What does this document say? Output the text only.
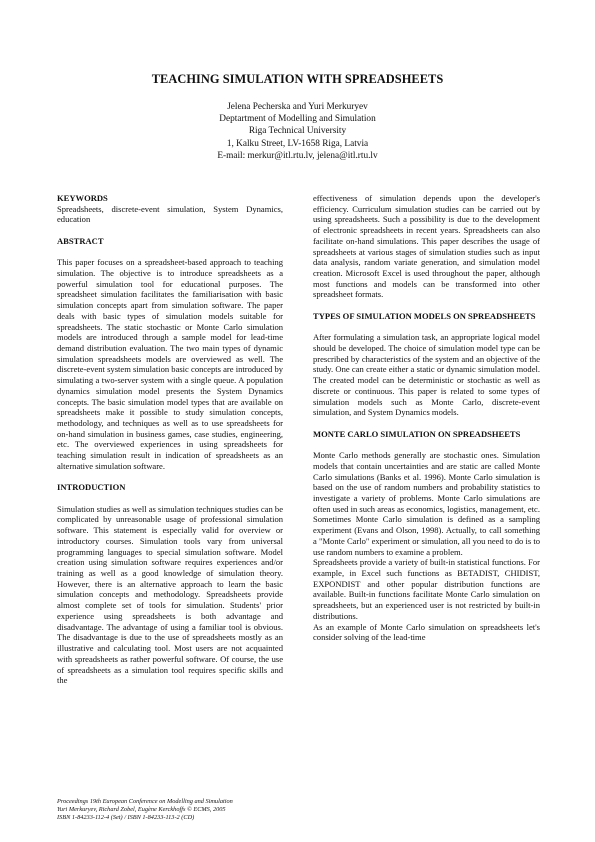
TEACHING SIMULATION WITH SPREADSHEETS
Jelena Pecherska and Yuri Merkuryev
Deptartment of Modelling and Simulation
Riga Technical University
1, Kalku Street, LV-1658 Riga, Latvia
E-mail: merkur@itl.rtu.lv, jelena@itl.rtu.lv
KEYWORDS

Spreadsheets, discrete-event simulation, System Dynamics, education

ABSTRACT

This paper focuses on a spreadsheet-based approach to teaching simulation. The objective is to introduce spreadsheets as a powerful simulation tool for educational purposes. The spreadsheet simulation facilitates the familiarisation with basic simulation concepts apart from simulation software. The paper deals with basic types of simulation models suitable for spreadsheets. The static stochastic or Monte Carlo simulation models are introduced through a sample model for lead-time demand distribution evaluation. The two main types of dynamic simulation spreadsheets models are overviewed as well. The discrete-event system simulation basic concepts are introduced by simulating a two-server system with a single queue. A population dynamics simulation model presents the System Dynamics concepts. The basic simulation model types that are available on spreadsheets make it possible to study simulation concepts, methodology, and techniques as well as to use spreadsheets for on-hand simulation in business games, case studies, engineering, etc. The overviewed experiences in using spreadsheets for teaching simulation result in indication of spreadsheets as an alternative simulation software.

INTRODUCTION

Simulation studies as well as simulation techniques studies can be complicated by unreasonable usage of professional simulation software. This statement is especially valid for overview or introductory courses. Simulation tools vary from universal programming languages to special simulation software. Model creation using simulation software requires experiences and/or training as well as a good knowledge of simulation theory. However, there is an alternative approach to learn the basic simulation concepts and methodology. Spreadsheets provide almost complete set of tools for simulation. Students' prior experience using spreadsheets is both advantage and disadvantage. The advantage of using a familiar tool is obvious. The disadvantage is due to the use of spreadsheets mostly as an illustrative and calculating tool. Most users are not acquainted with spreadsheets as rather powerful software. Of course, the use of spreadsheets as a simulation tool requires specific skills and the

effectiveness of simulation depends upon the developer's efficiency. Curriculum simulation studies can be carried out by using spreadsheets. Such a possibility is due to the development of electronic spreadsheets in recent years. Spreadsheets can also facilitate on-hand simulations. This paper describes the usage of spreadsheets at various stages of simulation studies such as input data analysis, random variate generation, and simulation model creation. Microsoft Excel is used throughout the paper, although most functions and models can be transformed into other spreadsheet formats.

TYPES OF SIMULATION MODELS ON SPREADSHEETS

After formulating a simulation task, an appropriate logical model should be developed. The choice of simulation model type can be prescribed by characteristics of the system and an objective of the study. One can create either a static or dynamic simulation model. The created model can be deterministic or stochastic as well as discrete or continuous. This paper is related to some types of simulation models such as Monte Carlo, discrete-event simulation, and System Dynamics models.

MONTE CARLO SIMULATION ON SPREADSHEETS

Monte Carlo methods generally are stochastic ones. Simulation models that contain uncertainties and are static are called Monte Carlo simulations (Banks et al. 1996). Monte Carlo simulation is based on the use of random numbers and probability statistics to investigate a variety of problems. Monte Carlo simulations are often used in such areas as economics, logistics, management, etc. Sometimes Monte Carlo simulation is defined as a sampling experiment (Evans and Olson, 1998). Actually, to call something a "Monte Carlo" experiment or simulation, all you need to do is to use random numbers to examine a problem.

Spreadsheets provide a variety of built-in statistical functions. For example, in Excel such functions as BETADIST, CHIDIST, EXPONDIST and other popular distribution functions are available. Built-in functions facilitate Monte Carlo simulation on spreadsheets, but an experienced user is not restricted by built-in distributions.

As an example of Monte Carlo simulation on spreadsheets let's consider solving of the lead-time

Proceedings 19th European Conference on Modelling and Simulation
Yuri Merkuryev, Richard Zobel, Eugène Kerckhoffs © ECMS, 2005
ISBN 1-84233-112-4 (Set) / ISBN 1-84233-113-2 (CD)
